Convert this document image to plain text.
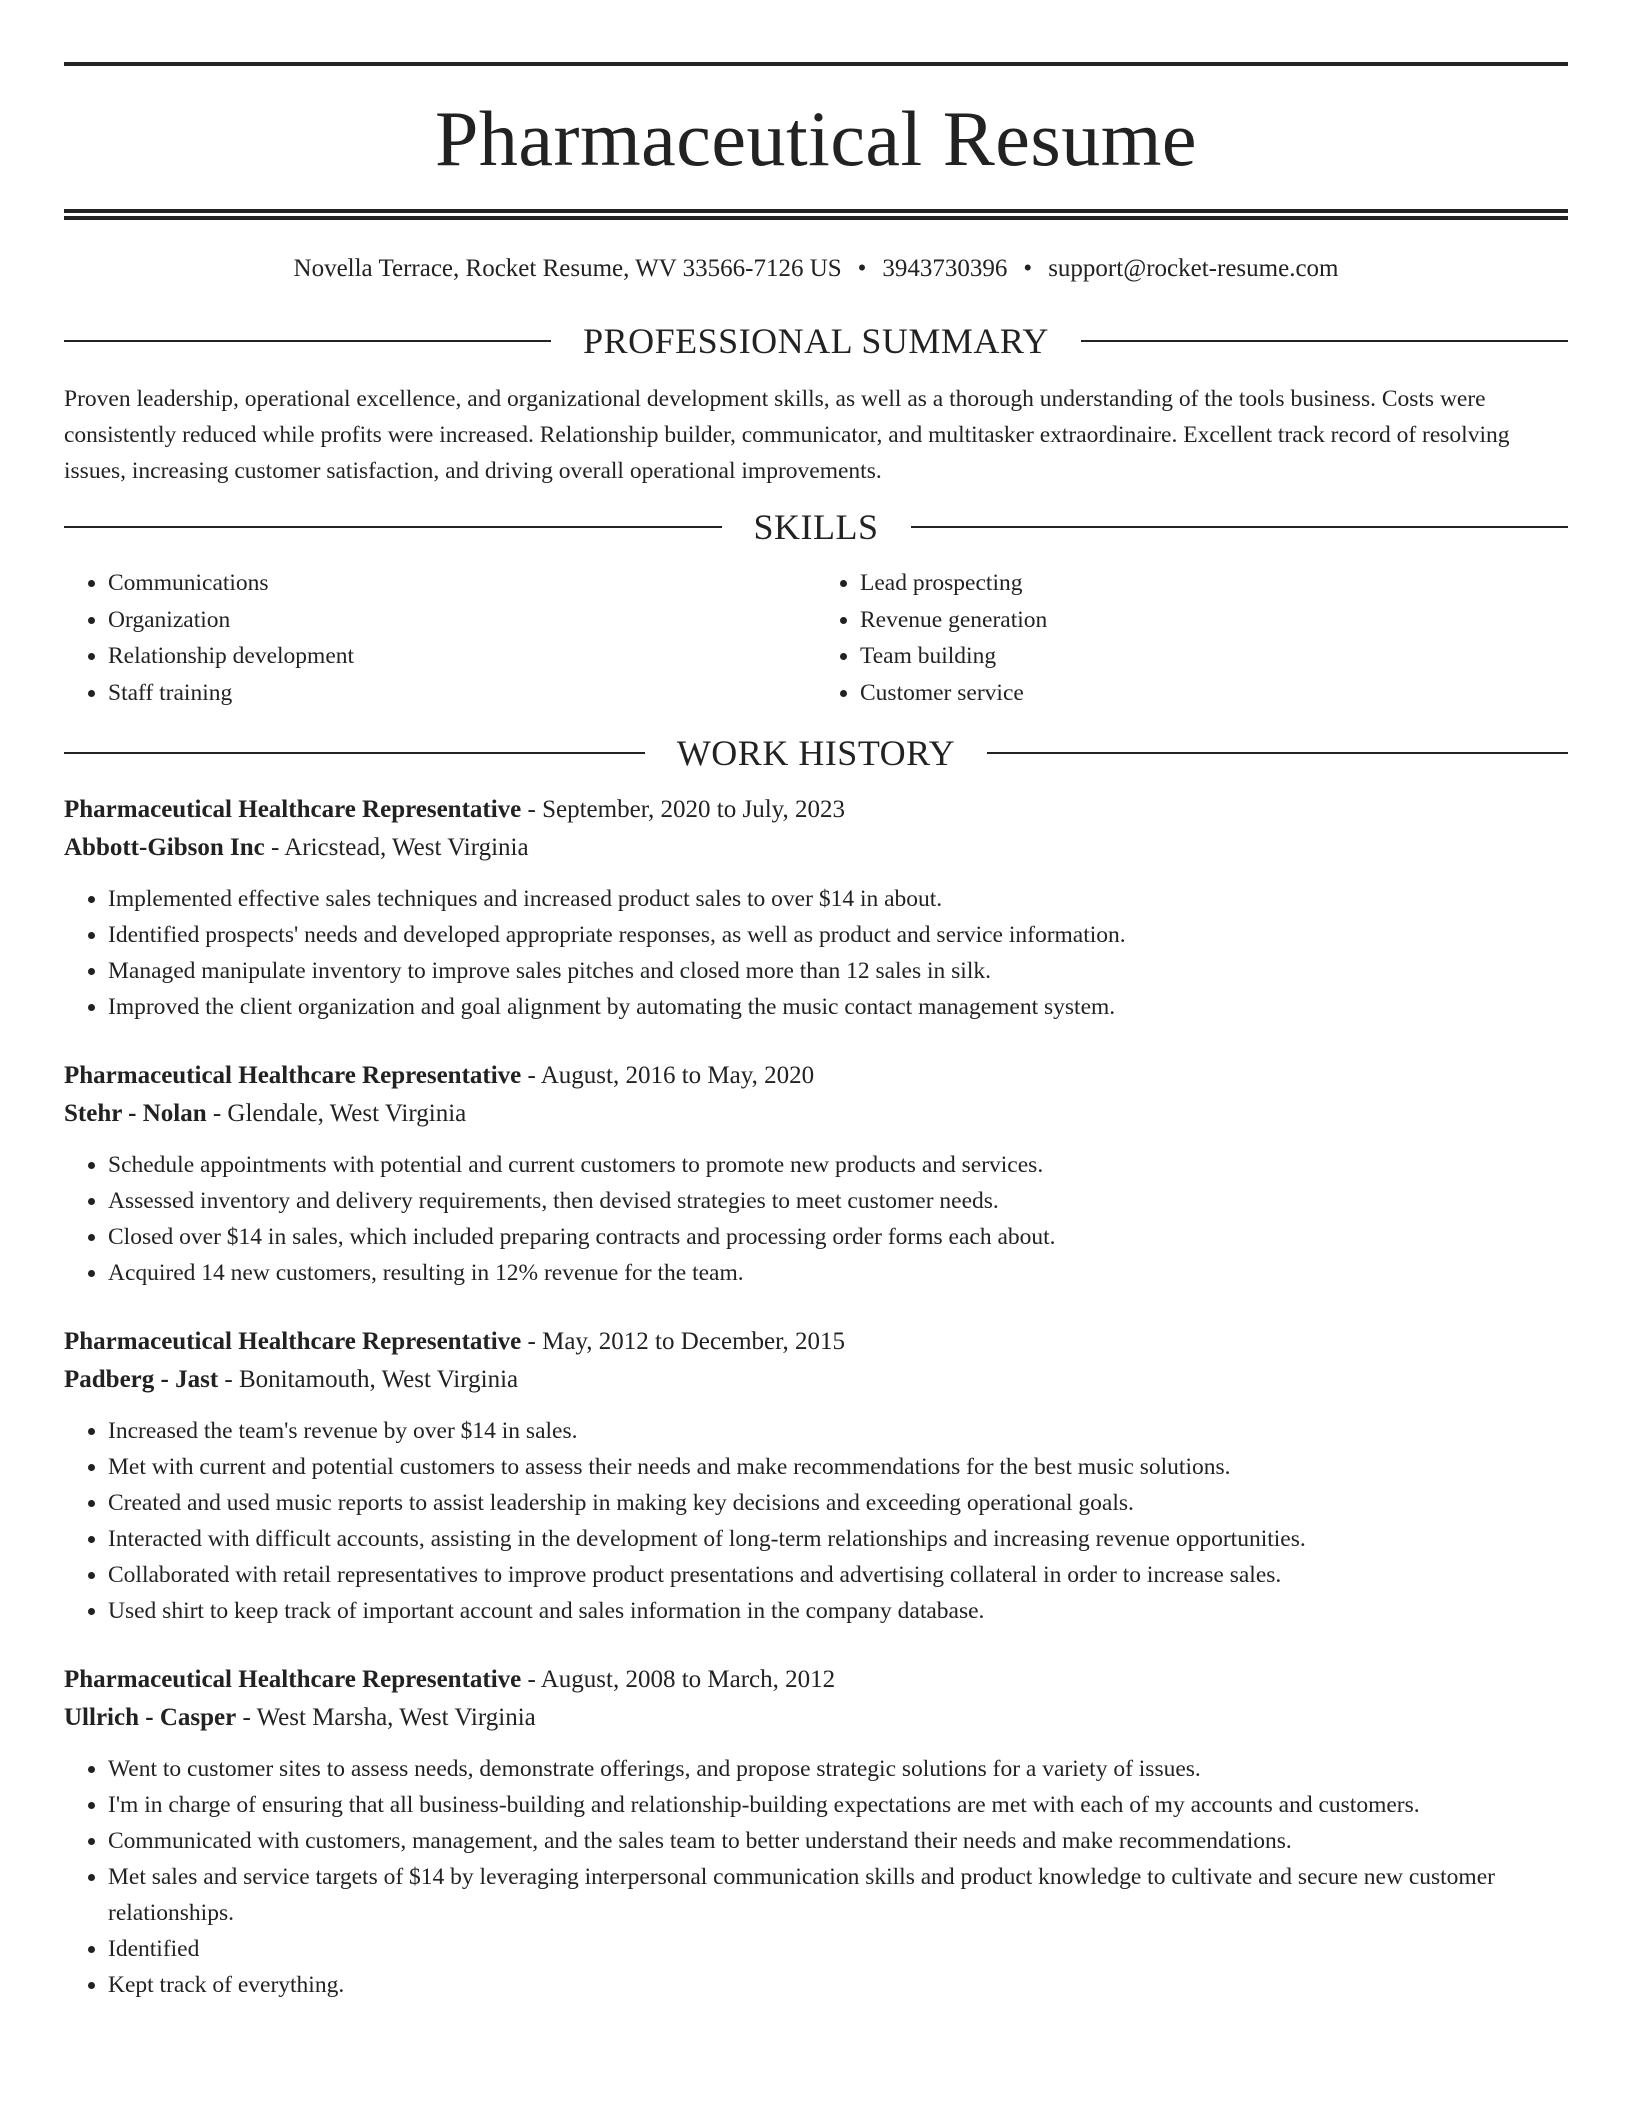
Pharmaceutical Resume
Novella Terrace, Rocket Resume, WV 33566-7126 US • 3943730396 • support@rocket-resume.com
PROFESSIONAL SUMMARY

Proven leadership, operational excellence, and organizational development skills, as well as a thorough understanding of the tools business. Costs were consistently reduced while profits were increased. Relationship builder, communicator, and multitasker extraordinaire. Excellent track record of resolving issues, increasing customer satisfaction, and driving overall operational improvements.

SKILLS
• Communications
• Organization
• Relationship development
• Staff training
• Lead prospecting
• Revenue generation
• Team building
• Customer service
WORK HISTORY
Pharmaceutical Healthcare Representative - September, 2020 to July, 2023
Abbott-Gibson Inc - Aricstead, West Virginia
• Implemented effective sales techniques and increased product sales to over $14 in about.
• Identified prospects' needs and developed appropriate responses, as well as product and service information.
• Managed manipulate inventory to improve sales pitches and closed more than 12 sales in silk.
• Improved the client organization and goal alignment by automating the music contact management system.
Pharmaceutical Healthcare Representative - August, 2016 to May, 2020
Stehr - Nolan - Glendale, West Virginia
• Schedule appointments with potential and current customers to promote new products and services.
• Assessed inventory and delivery requirements, then devised strategies to meet customer needs.
• Closed over $14 in sales, which included preparing contracts and processing order forms each about.
• Acquired 14 new customers, resulting in 12% revenue for the team.
Pharmaceutical Healthcare Representative - May, 2012 to December, 2015
Padberg - Jast - Bonitamouth, West Virginia
• Increased the team's revenue by over $14 in sales.
• Met with current and potential customers to assess their needs and make recommendations for the best music solutions.
• Created and used music reports to assist leadership in making key decisions and exceeding operational goals.
• Interacted with difficult accounts, assisting in the development of long-term relationships and increasing revenue opportunities.
• Collaborated with retail representatives to improve product presentations and advertising collateral in order to increase sales.
• Used shirt to keep track of important account and sales information in the company database.
Pharmaceutical Healthcare Representative - August, 2008 to March, 2012
Ullrich - Casper - West Marsha, West Virginia
• Went to customer sites to assess needs, demonstrate offerings, and propose strategic solutions for a variety of issues.
• I'm in charge of ensuring that all business-building and relationship-building expectations are met with each of my accounts and customers.
• Communicated with customers, management, and the sales team to better understand their needs and make recommendations.
• Met sales and service targets of $14 by leveraging interpersonal communication skills and product knowledge to cultivate and secure new customer relationships.
• Identified
• Kept track of everything.
